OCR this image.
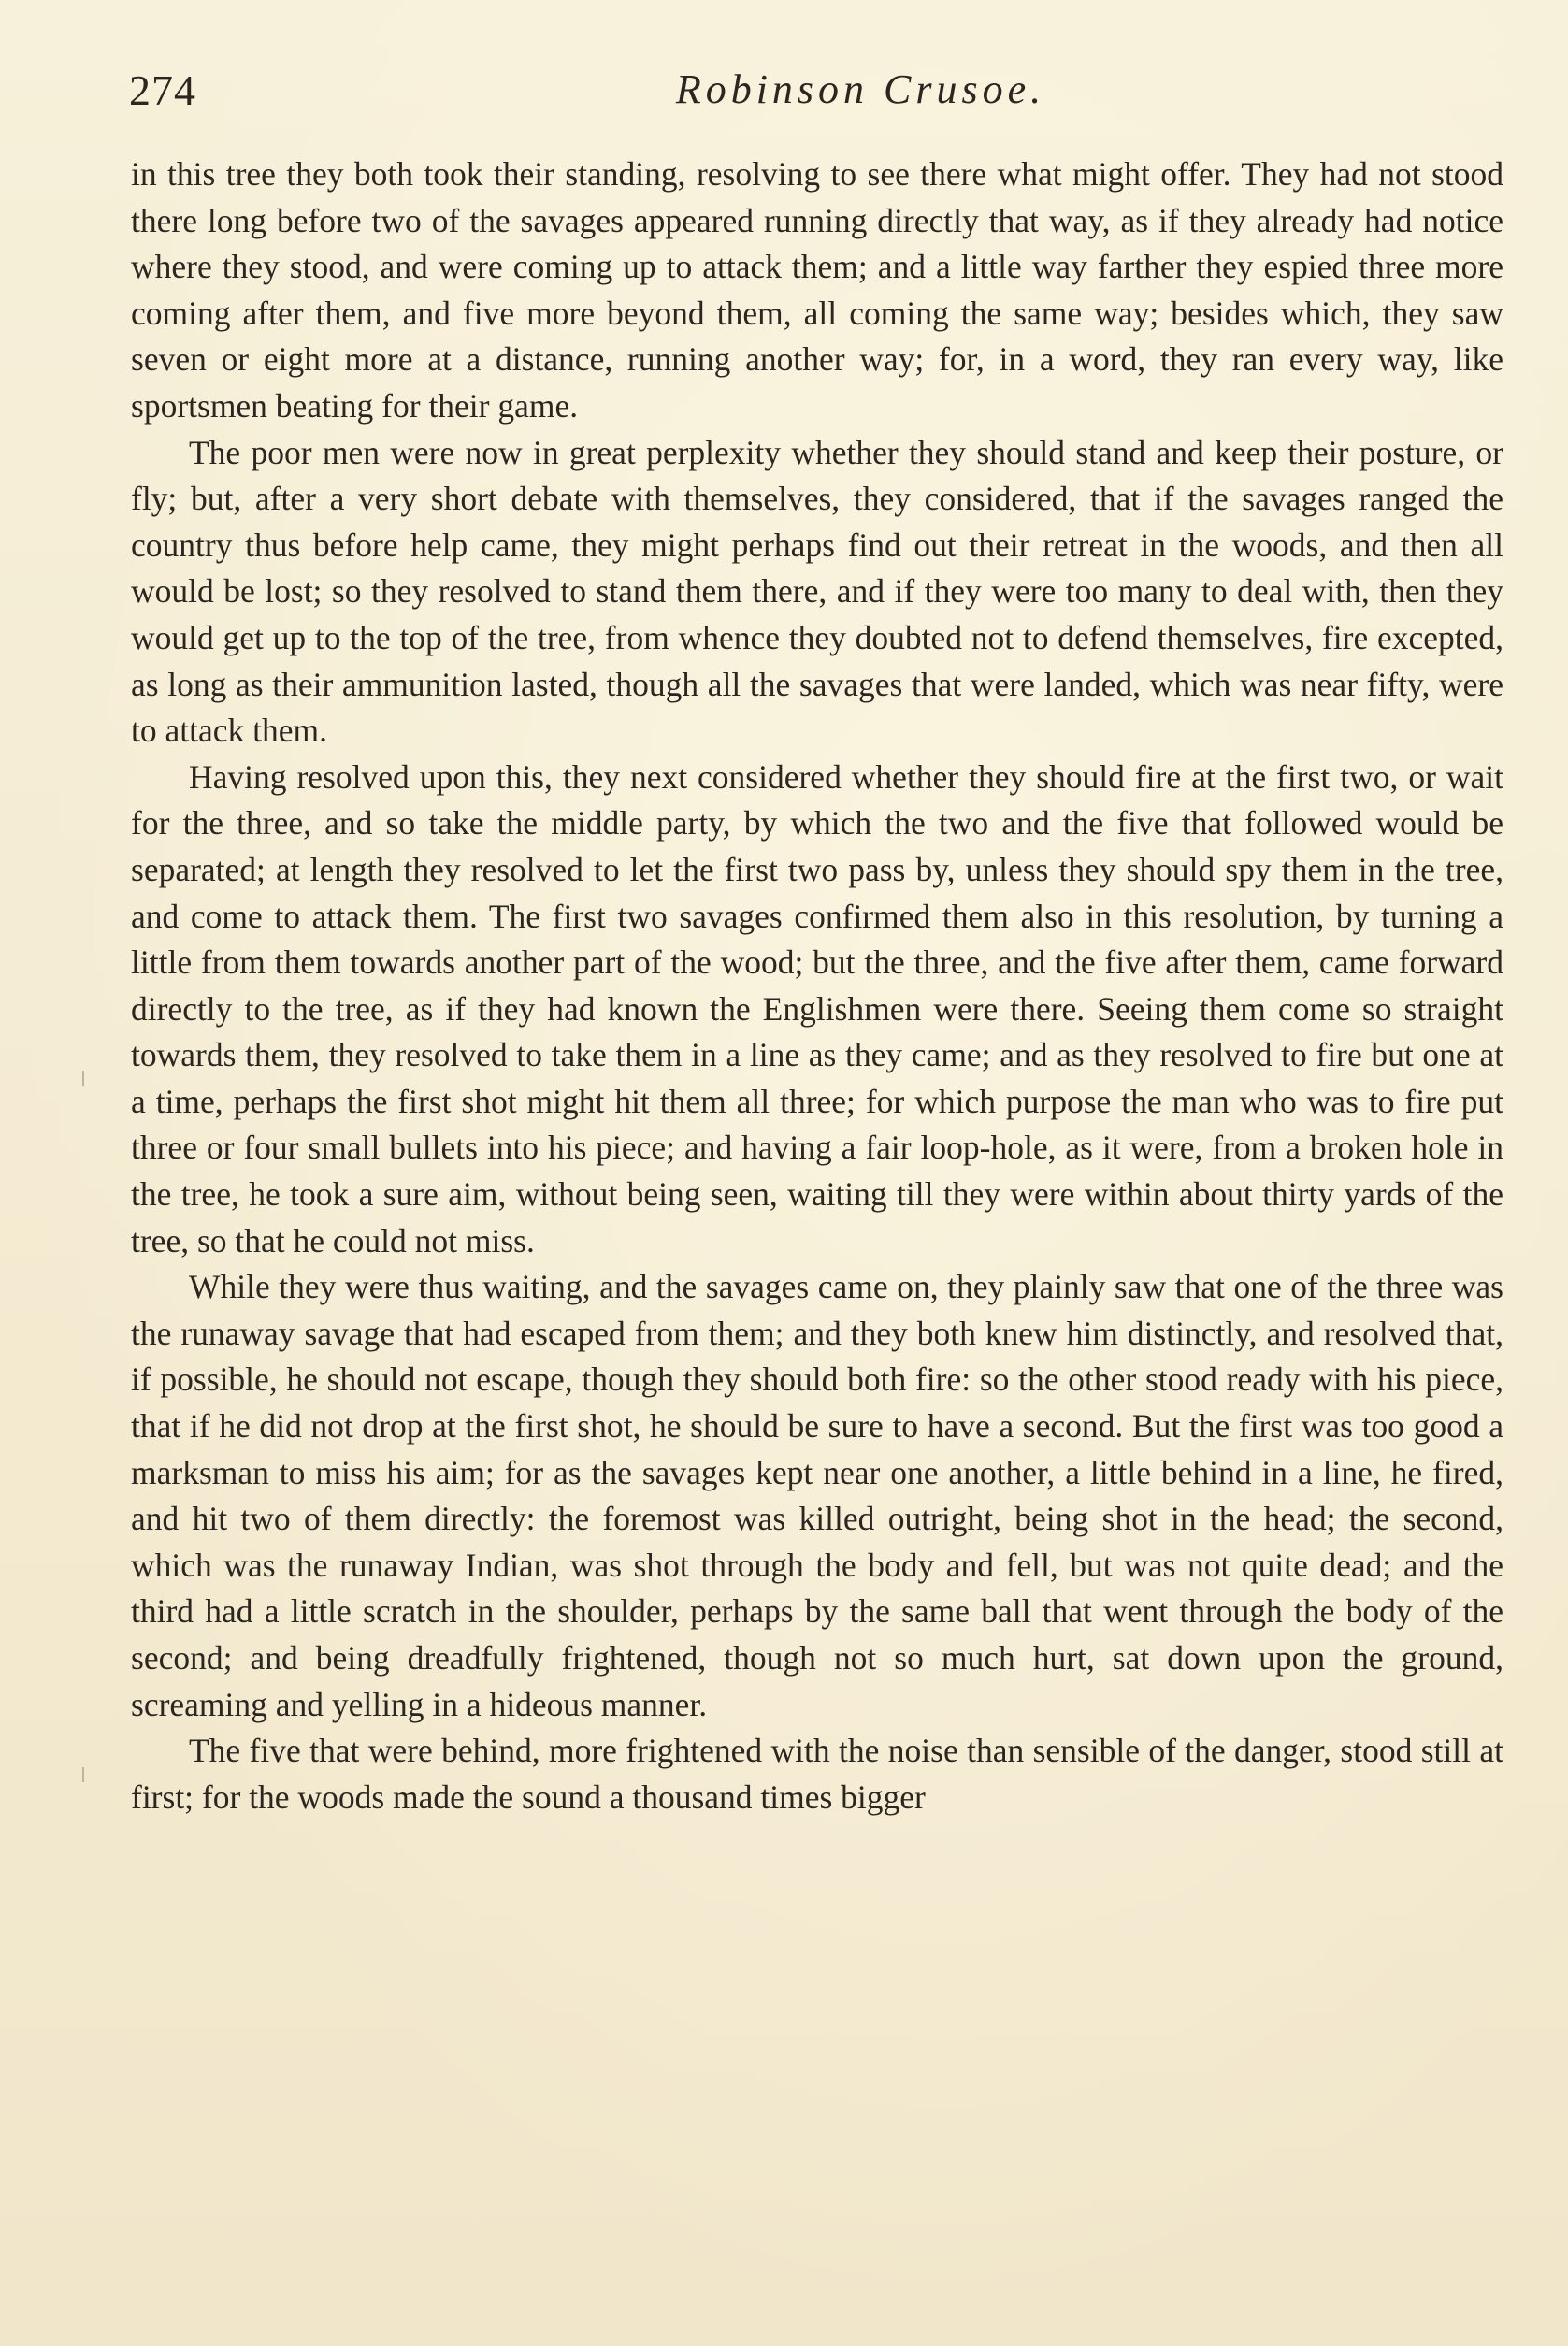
274	Robinson Crusoe.

in this tree they both took their standing, resolving to see there what might offer. They had not stood there long before two of the savages appeared running directly that way, as if they already had notice where they stood, and were coming up to attack them; and a little way farther they espied three more coming after them, and five more beyond them, all coming the same way; besides which, they saw seven or eight more at a distance, running another way; for, in a word, they ran every way, like sportsmen beating for their game.

The poor men were now in great perplexity whether they should stand and keep their posture, or fly; but, after a very short debate with themselves, they considered, that if the savages ranged the country thus before help came, they might perhaps find out their retreat in the woods, and then all would be lost; so they resolved to stand them there, and if they were too many to deal with, then they would get up to the top of the tree, from whence they doubted not to defend themselves, fire excepted, as long as their ammunition lasted, though all the savages that were landed, which was near fifty, were to attack them.

Having resolved upon this, they next considered whether they should fire at the first two, or wait for the three, and so take the middle party, by which the two and the five that followed would be separated; at length they resolved to let the first two pass by, unless they should spy them in the tree, and come to attack them. The first two savages confirmed them also in this resolution, by turning a little from them towards another part of the wood; but the three, and the five after them, came forward directly to the tree, as if they had known the Englishmen were there. Seeing them come so straight towards them, they resolved to take them in a line as they came; and as they resolved to fire but one at a time, perhaps the first shot might hit them all three; for which purpose the man who was to fire put three or four small bullets into his piece; and having a fair loop-hole, as it were, from a broken hole in the tree, he took a sure aim, without being seen, waiting till they were within about thirty yards of the tree, so that he could not miss.

While they were thus waiting, and the savages came on, they plainly saw that one of the three was the runaway savage that had escaped from them; and they both knew him distinctly, and resolved that, if possible, he should not escape, though they should both fire: so the other stood ready with his piece, that if he did not drop at the first shot, he should be sure to have a second. But the first was too good a marksman to miss his aim; for as the savages kept near one another, a little behind in a line, he fired, and hit two of them directly: the foremost was killed outright, being shot in the head; the second, which was the runaway Indian, was shot through the body and fell, but was not quite dead; and the third had a little scratch in the shoulder, perhaps by the same ball that went through the body of the second; and being dreadfully frightened, though not so much hurt, sat down upon the ground, screaming and yelling in a hideous manner.

The five that were behind, more frightened with the noise than sensible of the danger, stood still at first; for the woods made the sound a thousand times bigger
